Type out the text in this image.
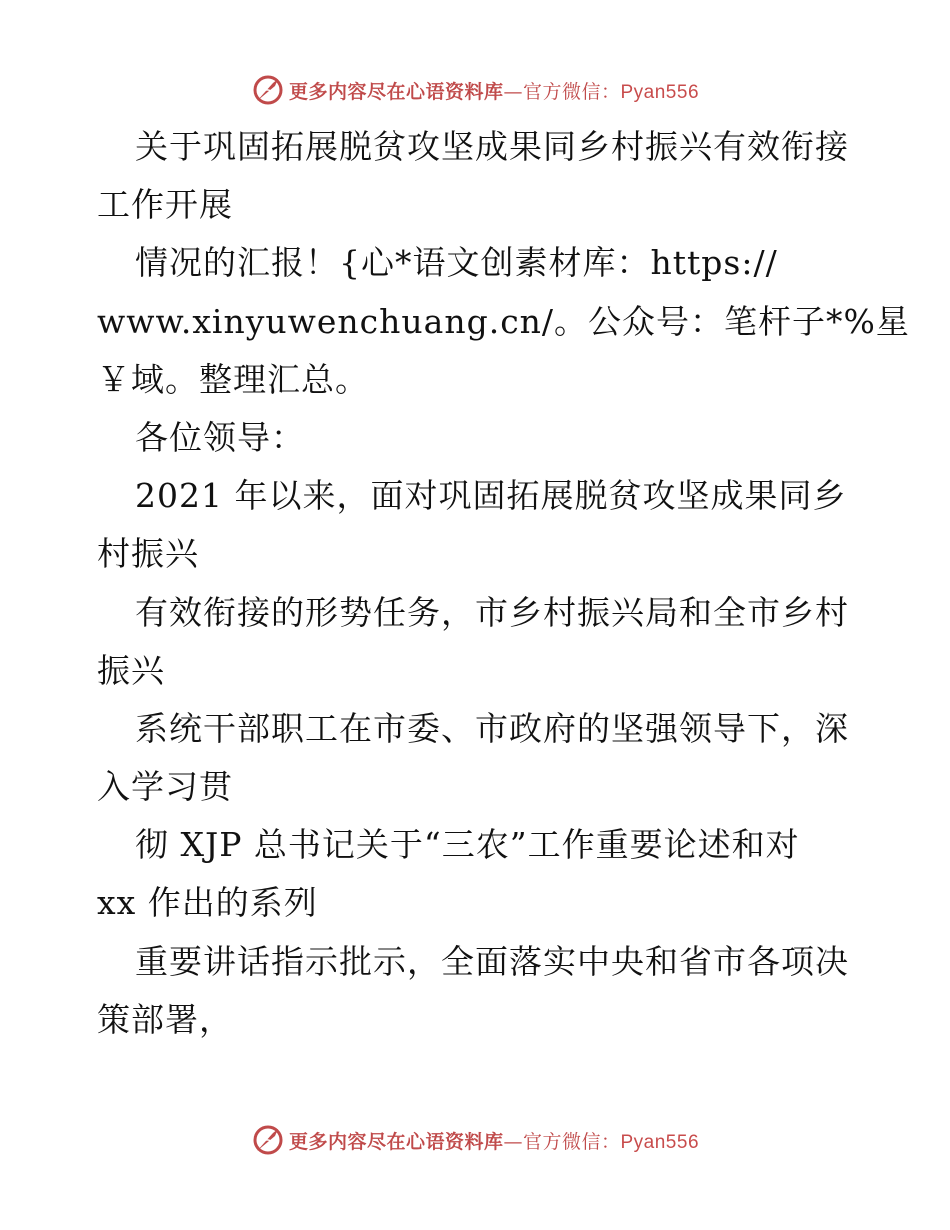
更多内容尽在心语资料库—官方微信：Pyan556
关于巩固拓展脱贫攻坚成果同乡村振兴有效衔接
工作开展
情况的汇报！{心*语文创素材库：https://
www.xinyuwenchuang.cn/。公众号：笔杆子*%星
￥域。整理汇总。
各位领导：
2021 年以来，面对巩固拓展脱贫攻坚成果同乡
村振兴
有效衔接的形势任务，市乡村振兴局和全市乡村
振兴
系统干部职工在市委、市政府的坚强领导下，深
入学习贯
彻 XJP 总书记关于“三农”工作重要论述和对
xx 作出的系列
重要讲话指示批示，全面落实中央和省市各项决
策部署，
更多内容尽在心语资料库—官方微信：Pyan556
